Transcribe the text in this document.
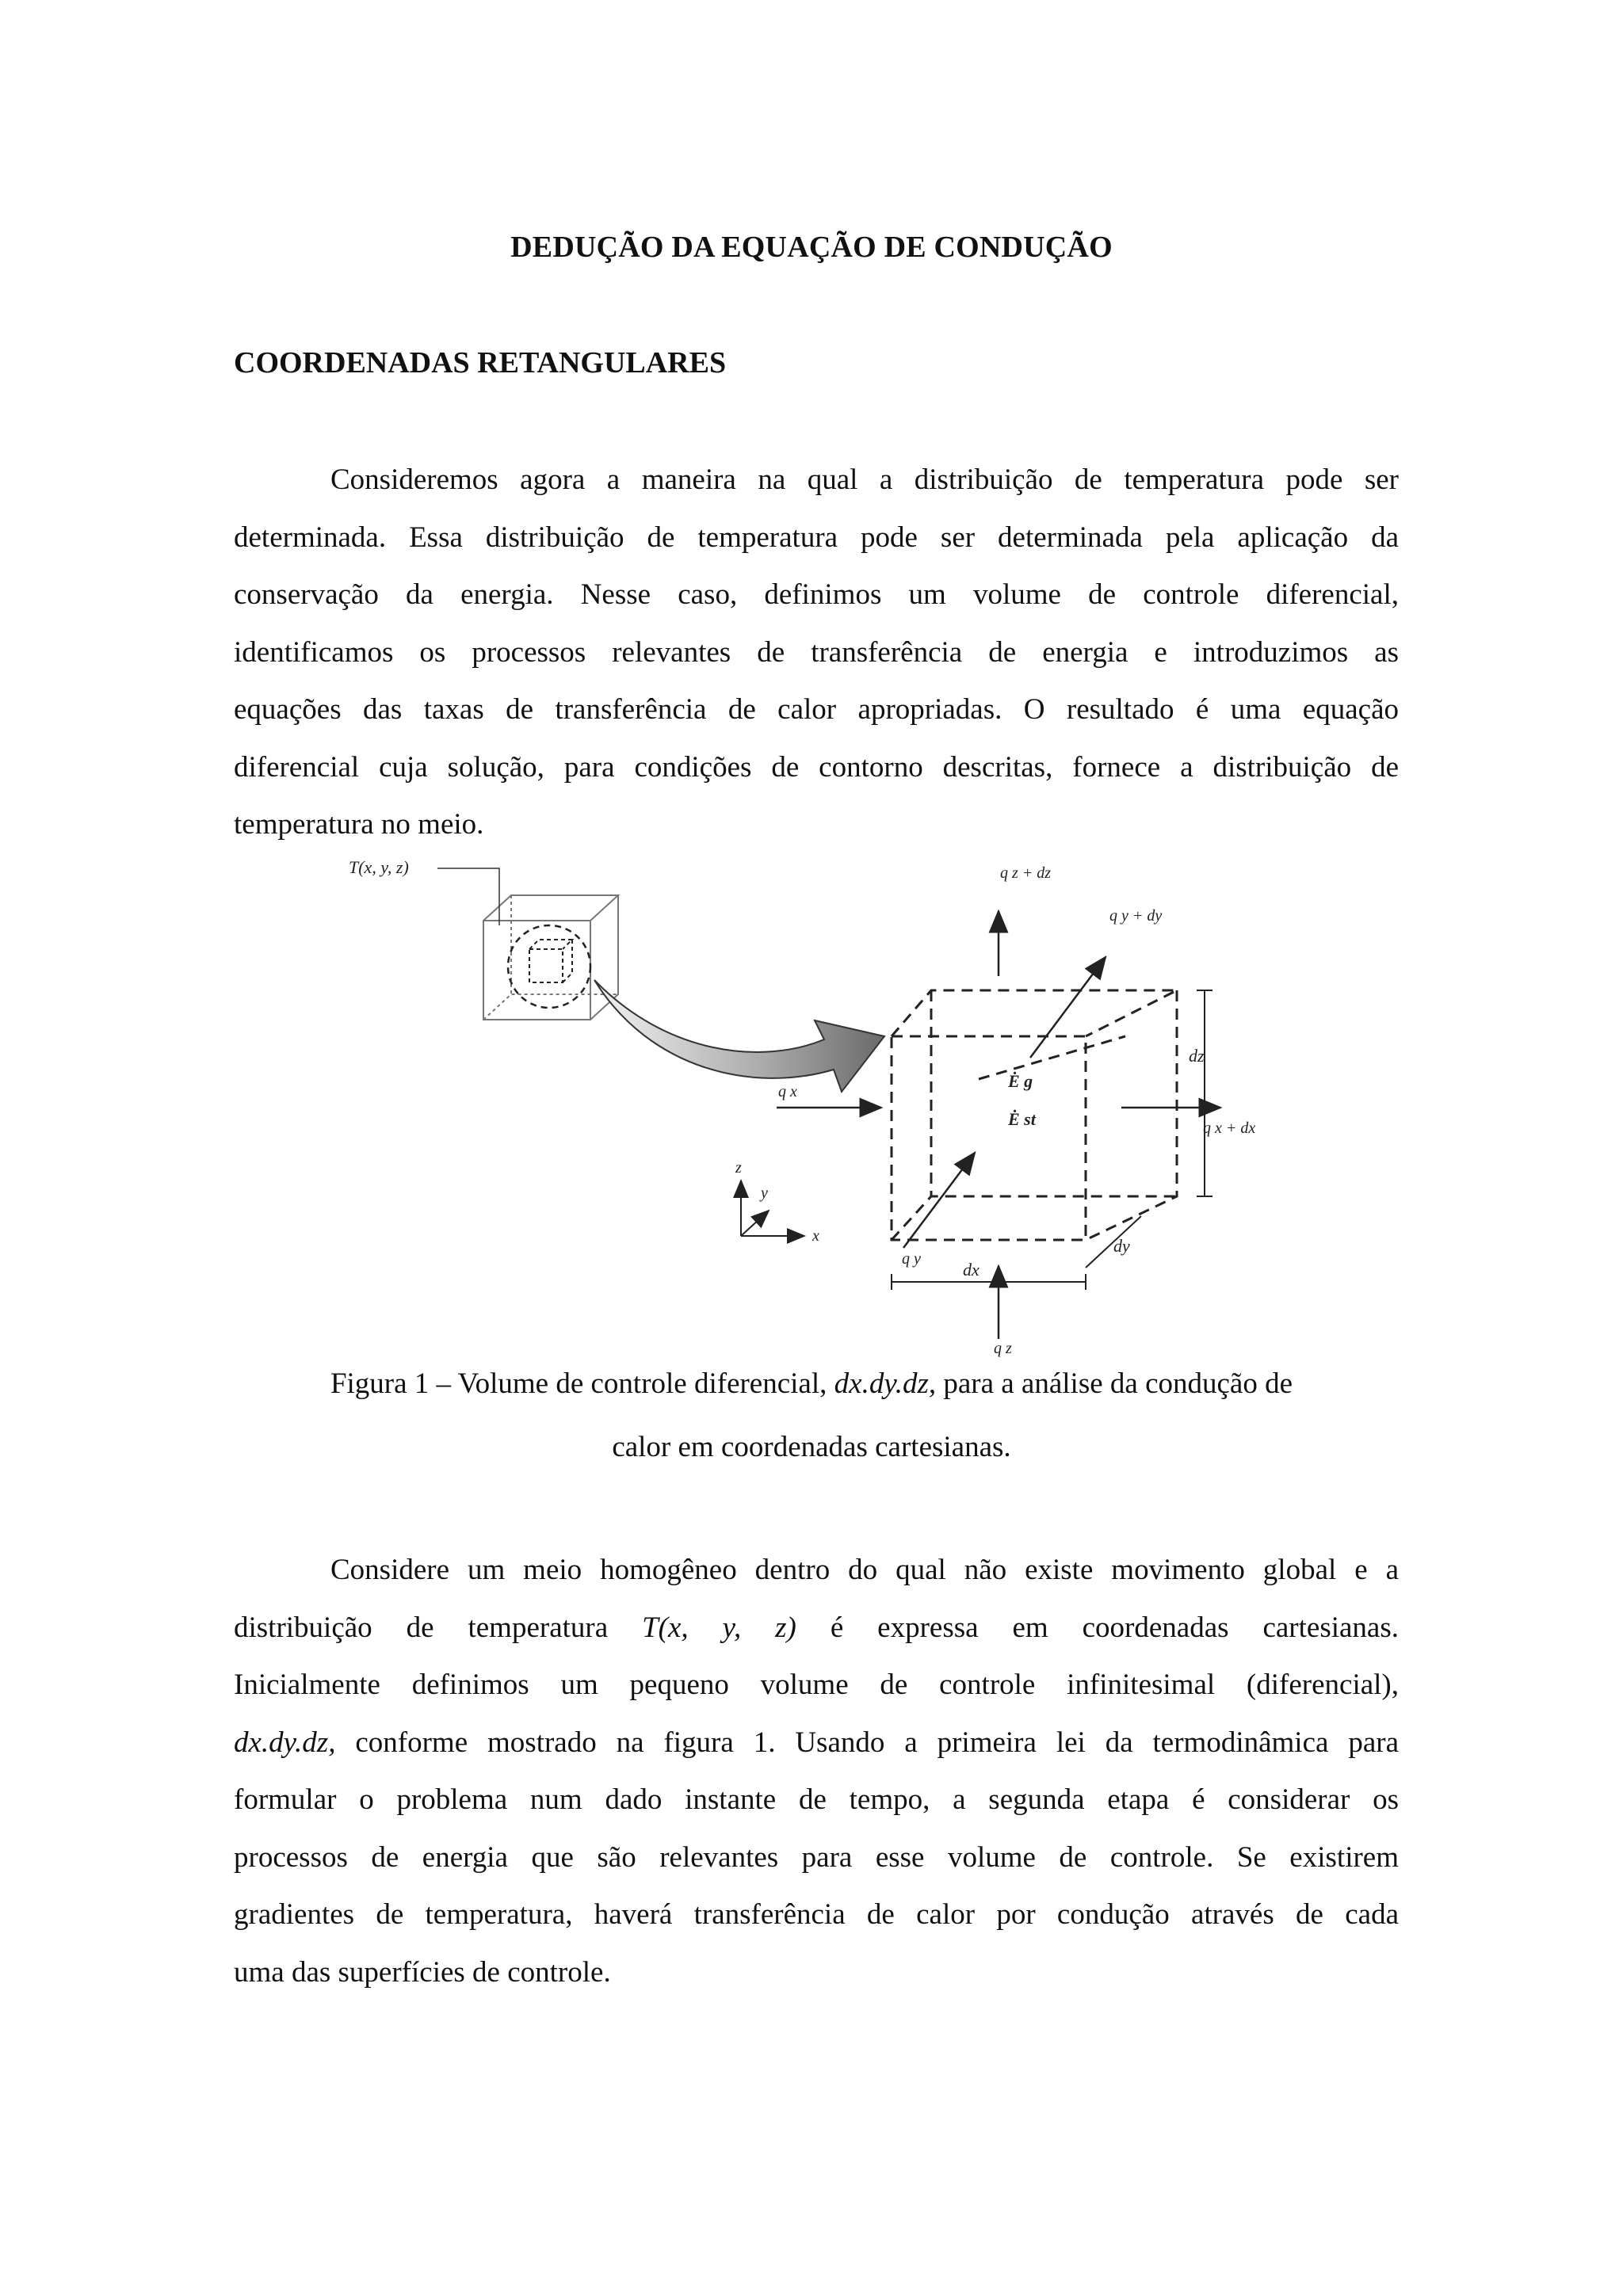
DEDUÇÃO DA EQUAÇÃO DE CONDUÇÃO
COORDENADAS RETANGULARES
Consideremos agora a maneira na qual a distribuição de temperatura pode ser
determinada. Essa distribuição de temperatura pode ser determinada pela aplicação da
conservação da energia. Nesse caso, definimos um volume de controle diferencial,
identificamos os processos relevantes de transferência de energia e introduzimos as
equações das taxas de transferência de calor apropriadas. O resultado é uma equação
diferencial cuja solução, para condições de contorno descritas, fornece a distribuição de
temperatura no meio.
T(x, y, z)	q z + dz
q y + dy
q x
q x + dx
q y
q z
Ė g
Ė st
dz
dx
dy
z
x
y
Figura 1 – Volume de controle diferencial, dx.dy.dz, para a análise da condução de
calor em coordenadas cartesianas.
Considere um meio homogêneo dentro do qual não existe movimento global e a
distribuição de temperatura T(x, y, z) é expressa em coordenadas cartesianas.
Inicialmente definimos um pequeno volume de controle infinitesimal (diferencial),
dx.dy.dz, conforme mostrado na figura 1. Usando a primeira lei da termodinâmica para
formular o problema num dado instante de tempo, a segunda etapa é considerar os
processos de energia que são relevantes para esse volume de controle. Se existirem
gradientes de temperatura, haverá transferência de calor por condução através de cada
uma das superfícies de controle.
